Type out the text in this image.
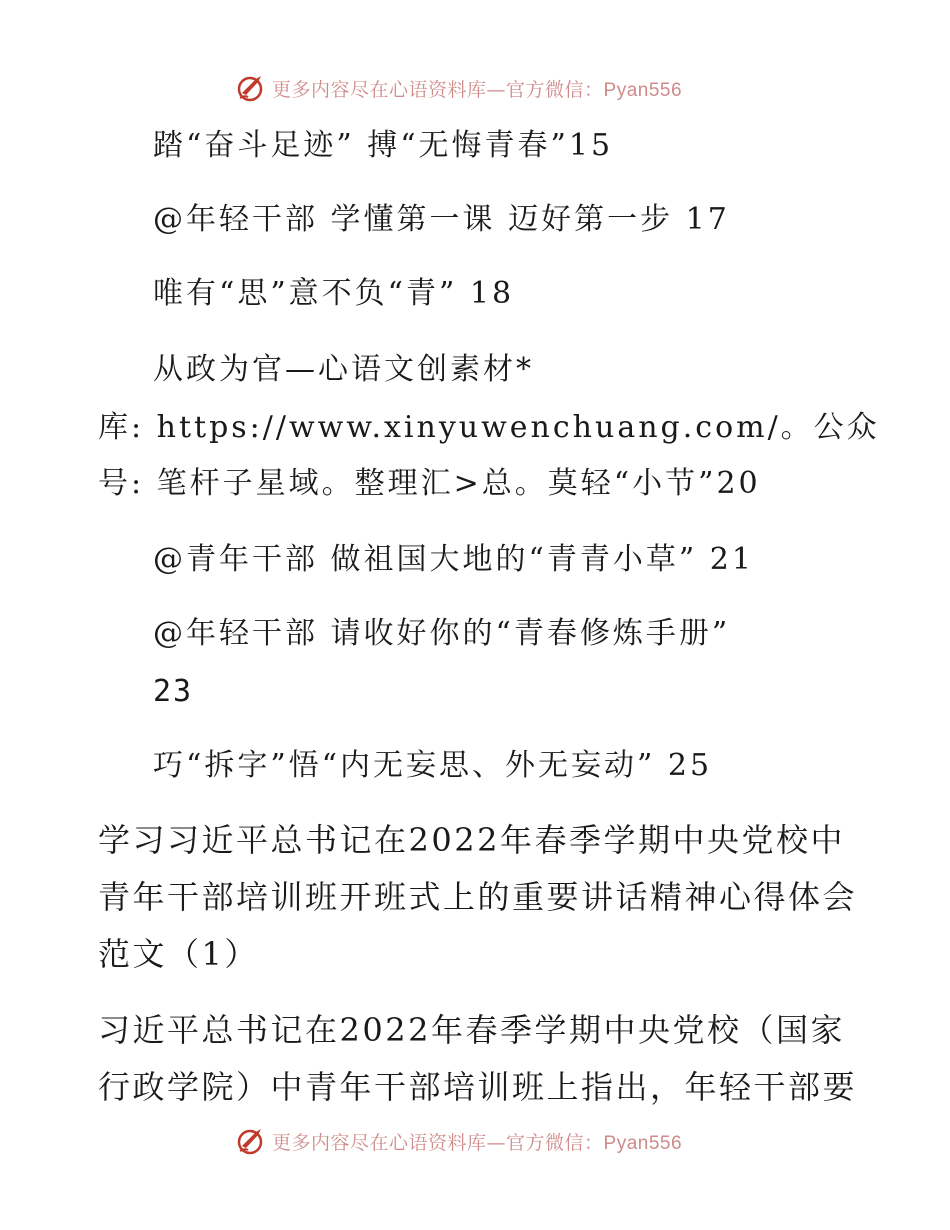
更多内容尽在心语资料库—官方微信：Pyan556
踏“奋斗足迹” 搏“无悔青春”15
@年轻干部 学懂第一课 迈好第一步 17
唯有“思”意不负“青” 18
从政为官—心语文创素材*
库: https://www.xinyuwenchuang.com/。公众
号: 笔杆子星域。整理汇>总。莫轻“小节”20
@青年干部 做祖国大地的“青青小草” 21
@年轻干部 请收好你的“青春修炼手册”
23
巧“拆字”悟“内无妄思、外无妄动” 25
学习习近平总书记在2022年春季学期中央党校中青年干部培训班开班式上的重要讲话精神心得体会范文（1）
习近平总书记在2022年春季学期中央党校（国家行政学院）中青年干部培训班上指出，年轻干部要
更多内容尽在心语资料库—官方微信：Pyan556
